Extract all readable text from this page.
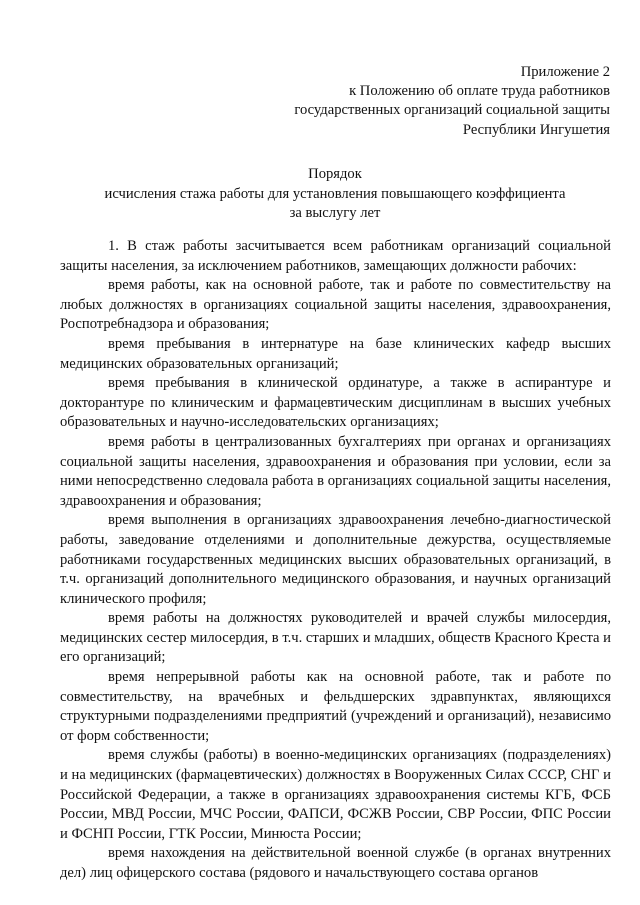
Приложение 2
к Положению об оплате труда работников
государственных организаций социальной защиты
Республики Ингушетия
Порядок
исчисления стажа работы для установления повышающего коэффициента
за выслугу лет

1. В стаж работы засчитывается всем работникам организаций социальной защиты населения, за исключением работников, замещающих должности рабочих:

время работы, как на основной работе, так и работе по совместительству на любых должностях в организациях социальной защиты населения, здравоохранения, Роспотребнадзора и образования;

время пребывания в интернатуре на базе клинических кафедр высших медицинских образовательных организаций;

время пребывания в клинической ординатуре, а также в аспирантуре и докторантуре по клиническим и фармацевтическим дисциплинам в высших учебных образовательных и научно-исследовательских организациях;

время работы в централизованных бухгалтериях при органах и организациях социальной защиты населения, здравоохранения и образования при условии, если за ними непосредственно следовала работа в организациях социальной защиты населения, здравоохранения и образования;

время выполнения в организациях здравоохранения лечебно-диагностической работы, заведование отделениями и дополнительные дежурства, осуществляемые работниками государственных медицинских высших образовательных организаций, в т.ч. организаций дополнительного медицинского образования, и научных организаций клинического профиля;

время работы на должностях руководителей и врачей службы милосердия, медицинских сестер милосердия, в т.ч. старших и младших, обществ Красного Креста и его организаций;

время непрерывной работы как на основной работе, так и работе по совместительству, на врачебных и фельдшерских здравпунктах, являющихся структурными подразделениями предприятий (учреждений и организаций), независимо от форм собственности;

время службы (работы) в военно-медицинских организациях (подразделениях) и на медицинских (фармацевтических) должностях в Вооруженных Силах СССР, СНГ и Российской Федерации, а также в организациях здравоохранения системы КГБ, ФСБ России, МВД России, МЧС России, ФАПСИ, ФСЖВ России, СВР России, ФПС России и ФСНП России, ГТК России, Минюста России;

время нахождения на действительной военной службе (в органах внутренних дел) лиц офицерского состава (рядового и начальствующего состава органов
